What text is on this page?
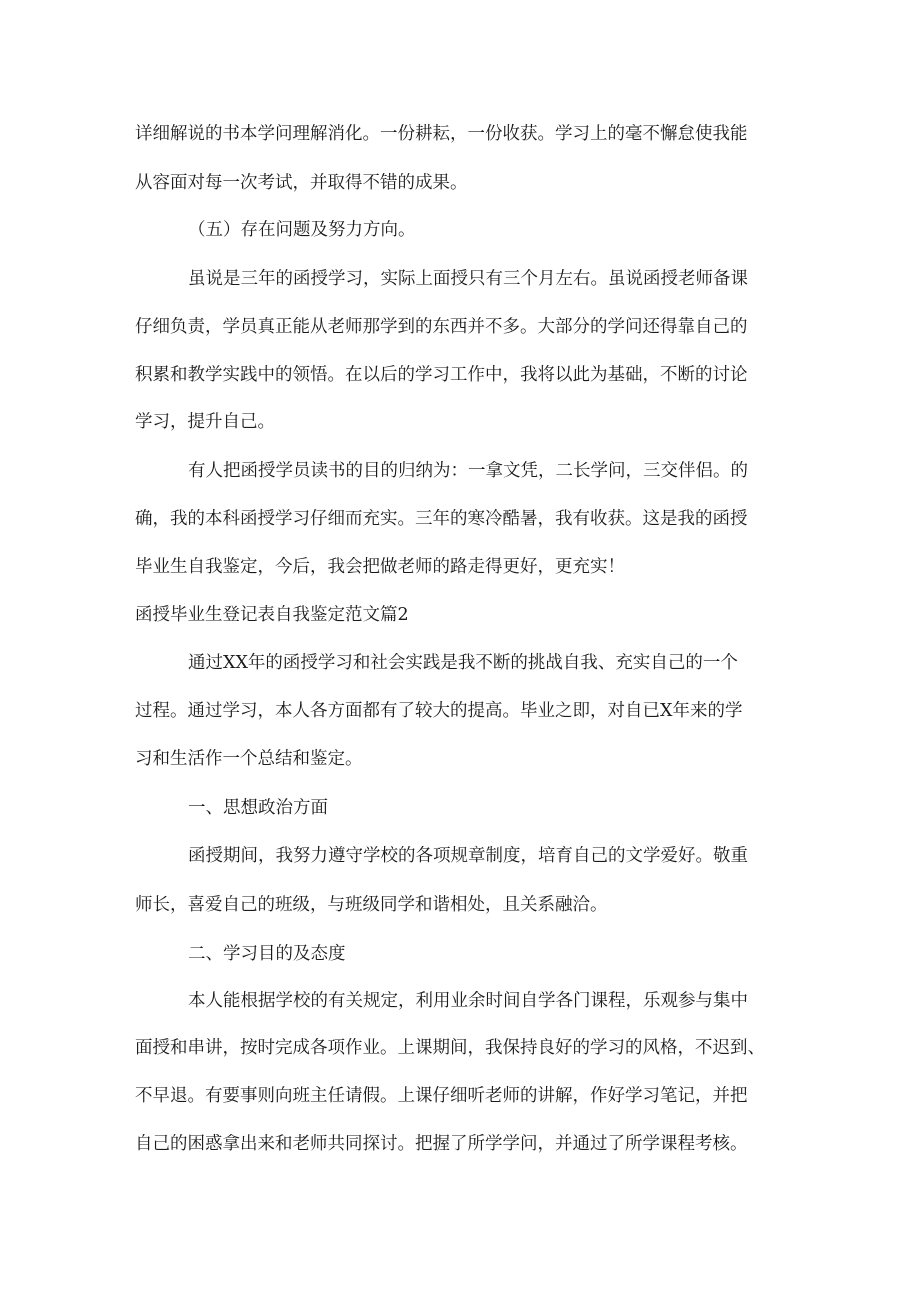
详细解说的书本学问理解消化。一份耕耘，一份收获。学习上的毫不懈怠使我能

从容面对每一次考试，并取得不错的成果。

（五）存在问题及努力方向。

虽说是三年的函授学习，实际上面授只有三个月左右。虽说函授老师备课

仔细负责，学员真正能从老师那学到的东西并不多。大部分的学问还得靠自己的

积累和教学实践中的领悟。在以后的学习工作中，我将以此为基础，不断的讨论

学习，提升自己。

有人把函授学员读书的目的归纳为：一拿文凭，二长学问，三交伴侣。的

确，我的本科函授学习仔细而充实。三年的寒冷酷暑，我有收获。这是我的函授

毕业生自我鉴定，今后，我会把做老师的路走得更好，更充实！

函授毕业生登记表自我鉴定范文篇2

通过XX年的函授学习和社会实践是我不断的挑战自我、充实自己的一个

过程。通过学习，本人各方面都有了较大的提高。毕业之即，对自已X年来的学

习和生活作一个总结和鉴定。

一、思想政治方面

函授期间，我努力遵守学校的各项规章制度，培育自己的文学爱好。敬重

师长，喜爱自己的班级，与班级同学和谐相处，且关系融洽。

二、学习目的及态度

本人能根据学校的有关规定，利用业余时间自学各门课程，乐观参与集中

面授和串讲，按时完成各项作业。上课期间，我保持良好的学习的风格，不迟到、

不早退。有要事则向班主任请假。上课仔细听老师的讲解，作好学习笔记，并把

自己的困惑拿出来和老师共同探讨。把握了所学学问，并通过了所学课程考核。
